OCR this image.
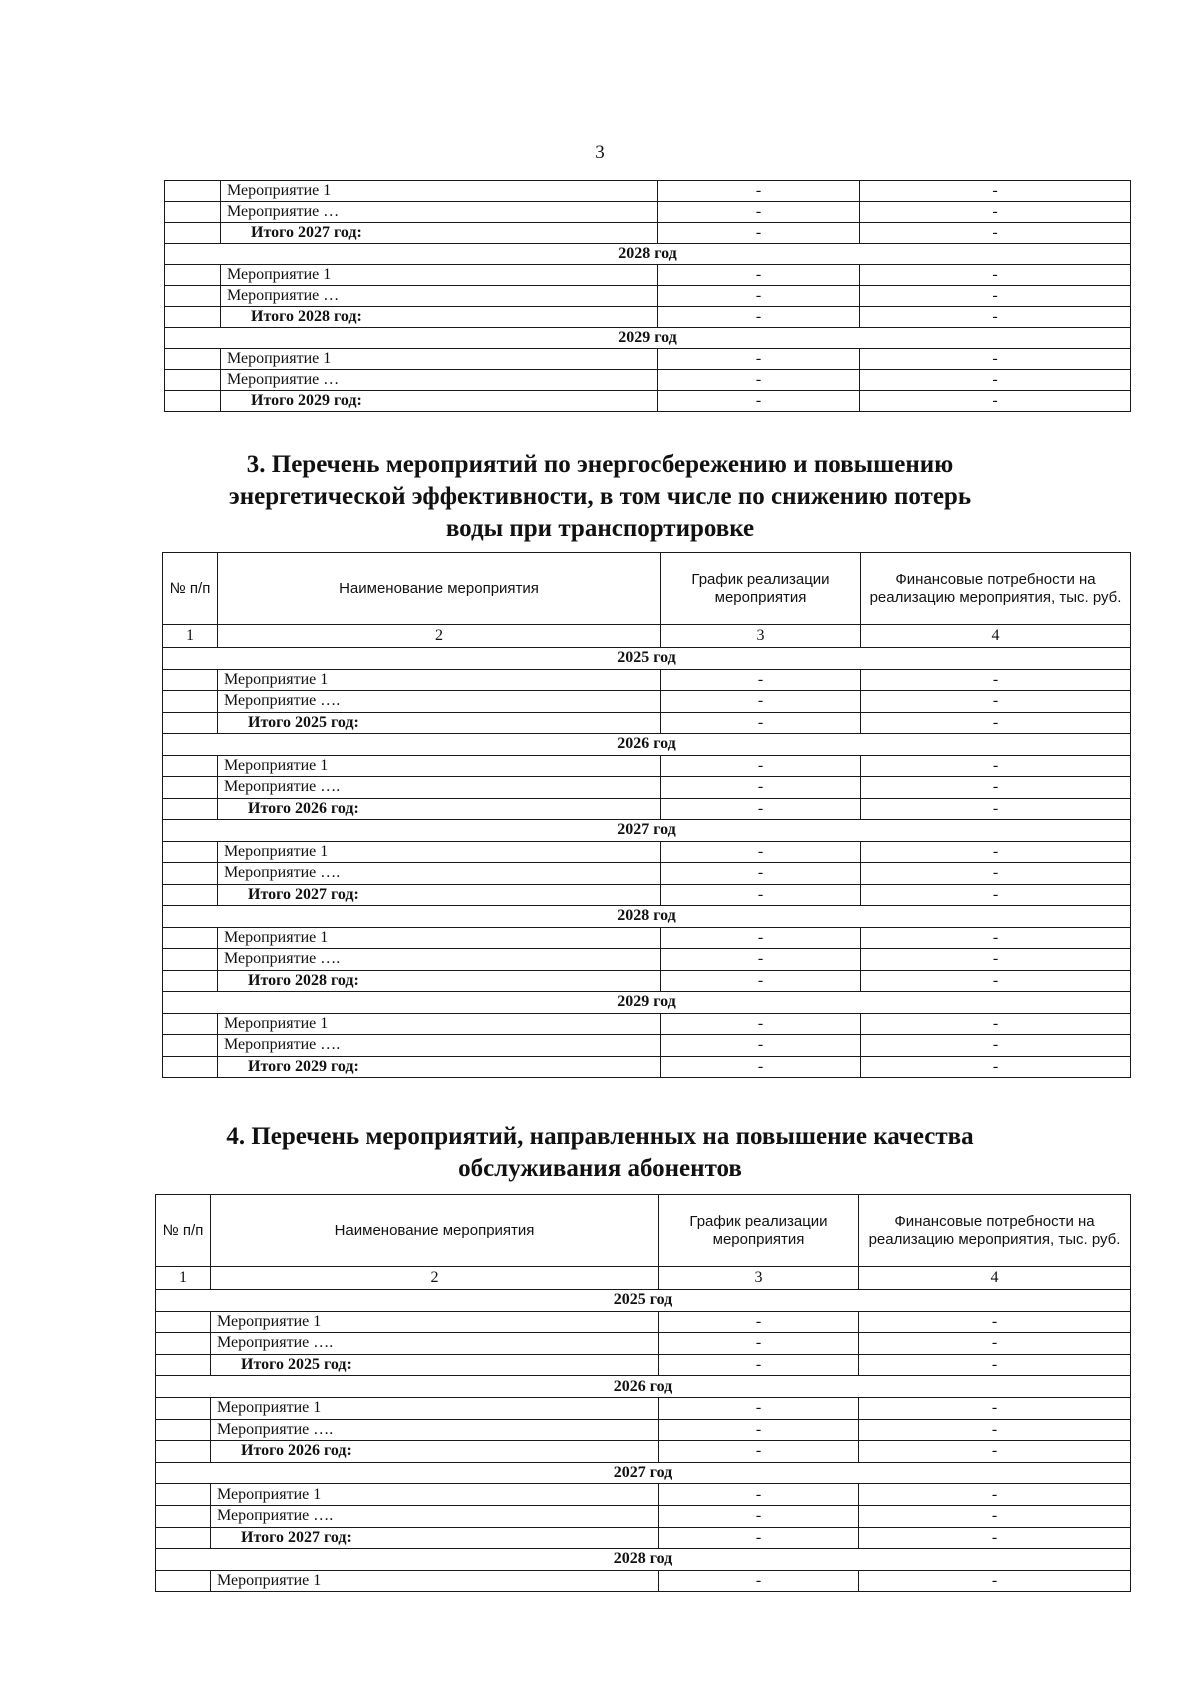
3
	Мероприятие 1	-	-
	Мероприятие …	-	-
	Итого 2027 год:	-	-
2028 год			
	Мероприятие 1	-	-
	Мероприятие …	-	-
	Итого 2028 год:	-	-
2029 год			
	Мероприятие 1	-	-
	Мероприятие …	-	-
	Итого 2029 год:	-	-
3. Перечень мероприятий по энергосбережению и повышению
энергетической эффективности, в том числе по снижению потерь
воды при транспортировке
№ п/п	Наименование мероприятия	График реализации мероприятия	Финансовые потребности на реализацию мероприятия, тыс. руб.
1	2	3	4
2025 год			
	Мероприятие 1	-	-
	Мероприятие ….	-	-
	Итого 2025 год:	-	-
2026 год			
	Мероприятие 1	-	-
	Мероприятие ….	-	-
	Итого 2026 год:	-	-
2027 год			
	Мероприятие 1	-	-
	Мероприятие ….	-	-
	Итого 2027 год:	-	-
2028 год			
	Мероприятие 1	-	-
	Мероприятие ….	-	-
	Итого 2028 год:	-	-
2029 год			
	Мероприятие 1	-	-
	Мероприятие ….	-	-
	Итого 2029 год:	-	-
4. Перечень мероприятий, направленных на повышение качества
обслуживания абонентов
№ п/п	Наименование мероприятия	График реализации мероприятия	Финансовые потребности на реализацию мероприятия, тыс. руб.
1	2	3	4
2025 год			
	Мероприятие 1	-	-
	Мероприятие ….	-	-
	Итого 2025 год:	-	-
2026 год			
	Мероприятие 1	-	-
	Мероприятие ….	-	-
	Итого 2026 год:	-	-
2027 год			
	Мероприятие 1	-	-
	Мероприятие ….	-	-
	Итого 2027 год:	-	-
2028 год			
	Мероприятие 1	-	-
